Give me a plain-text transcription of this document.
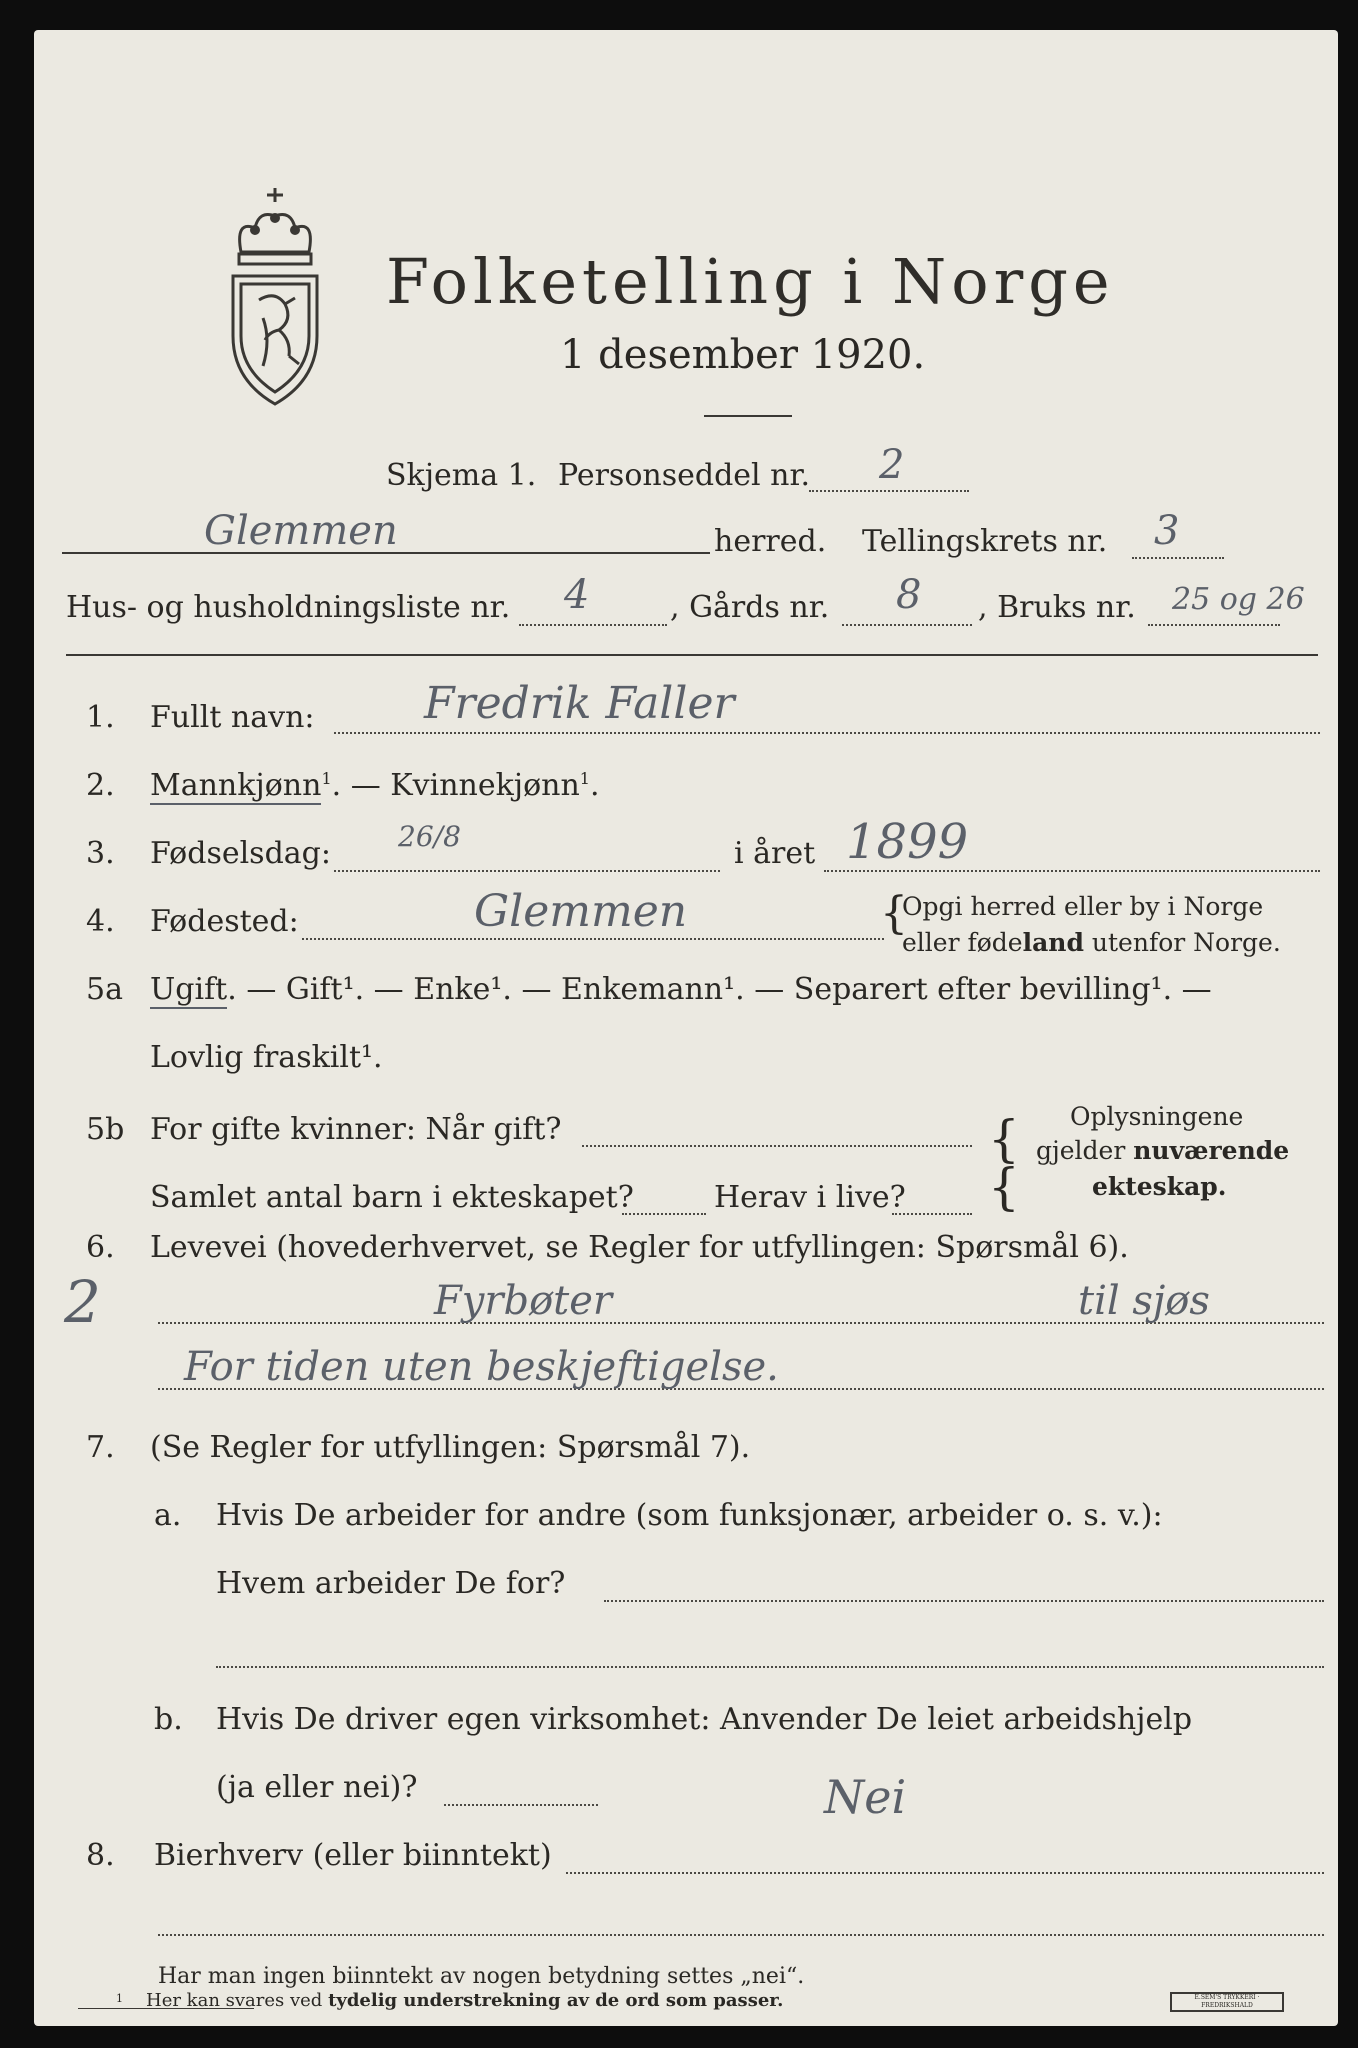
Folketelling i Norge
1 desember 1920.
Skjema 1. Personseddel nr. 2
Glemmen	herred. Tellingskrets nr. 3
Hus- og husholdningsliste nr. 4	, Gårds nr. 8 , Bruks nr. 25 og 26
1. Fullt navn: Fredrik Faller
2. Mannkjønn$^1$. — Kvinnekjønn$^1$.
3. Fødselsdag: 26/8	i året 1899
4. Fødested:	Glemmen	{
Opgi herred eller by i Norge
eller fødeland utenfor Norge.
5a Ugift. — Gift¹. — Enke¹. — Enkemann¹. — Separert efter bevilling¹. —
Lovlig fraskilt¹.
5b For gifte kvinner: Når gift?
Samlet antal barn i ekteskapet?	Herav i live?
{
{
Oplysningene
gjelder nuværende
ekteskap.
6. Levevei (hovederhvervet, se Regler for utfyllingen: Spørsmål 6).
2	Fyrbøter	til sjøs
For tiden uten beskjeftigelse.
7. (Se Regler for utfyllingen: Spørsmål 7).
a. Hvis De arbeider for andre (som funksjonær, arbeider o. s. v.):
Hvem arbeider De for?
b. Hvis De driver egen virksomhet: Anvender De leiet arbeidshjelp
(ja eller nei)?	Nei
8. Bierhverv (eller biinntekt)
Har man ingen biinntekt av nogen betydning settes „nei“.
1 Her kan svares ved tydelig understrekning av de ord som passer.	E.SEM'S TRYKKERI · FREDRIKSHALD
